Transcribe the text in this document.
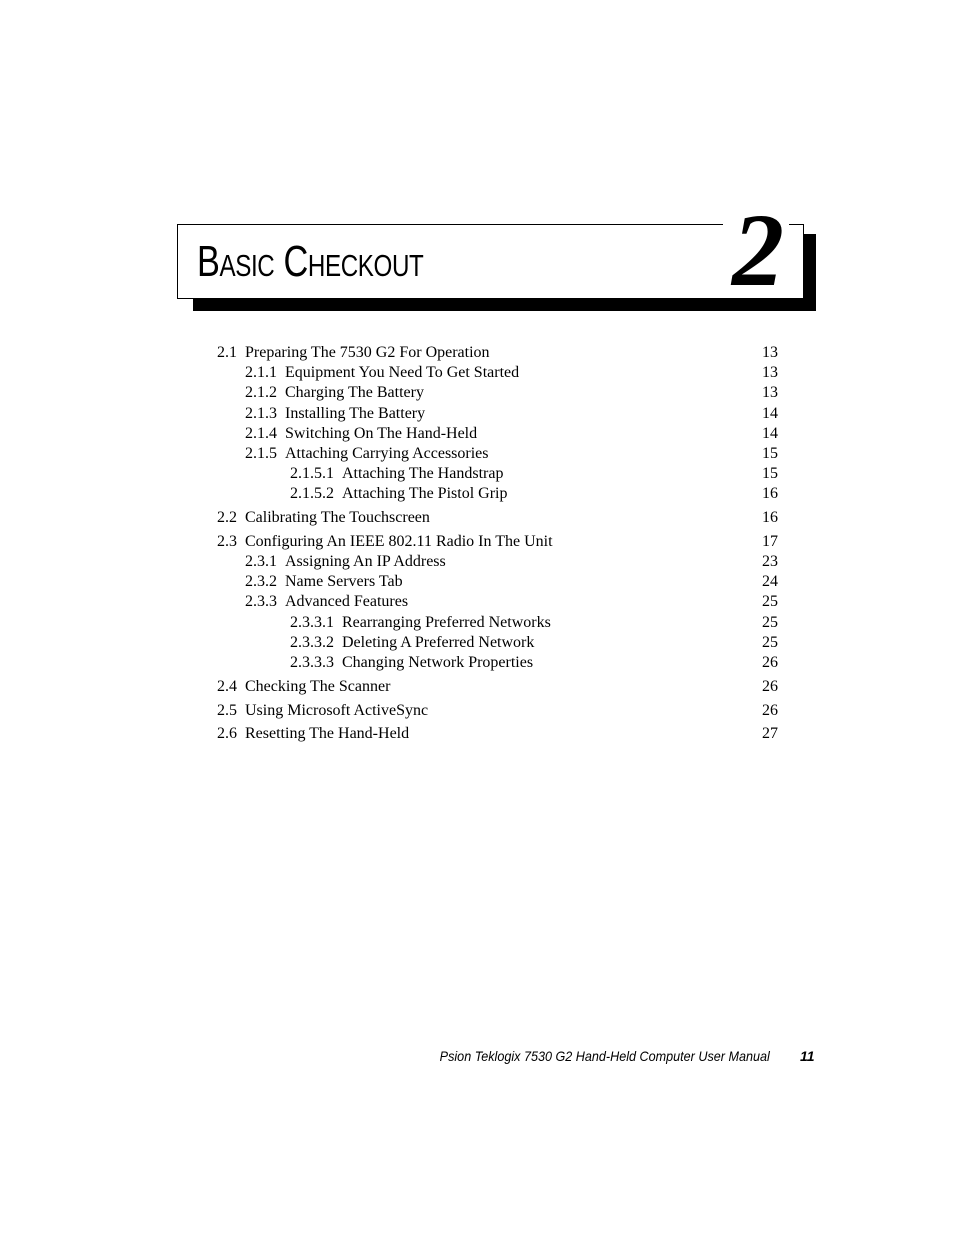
Basic Checkout	2
2.1 Preparing The 7530 G2 For Operation	13
2.1.1 Equipment You Need To Get Started	13
2.1.2 Charging The Battery	13
2.1.3 Installing The Battery	14
2.1.4 Switching On The Hand-Held	14
2.1.5 Attaching Carrying Accessories	15
2.1.5.1 Attaching The Handstrap	15
2.1.5.2 Attaching The Pistol Grip	16
2.2 Calibrating The Touchscreen	16
2.3 Configuring An IEEE 802.11 Radio In The Unit	17
2.3.1 Assigning An IP Address	23
2.3.2 Name Servers Tab	24
2.3.3 Advanced Features	25
2.3.3.1 Rearranging Preferred Networks	25
2.3.3.2 Deleting A Preferred Network	25
2.3.3.3 Changing Network Properties	26
2.4 Checking The Scanner	26
2.5 Using Microsoft ActiveSync	26
2.6 Resetting The Hand-Held	27
Psion Teklogix 7530 G2 Hand-Held Computer User Manual 11
